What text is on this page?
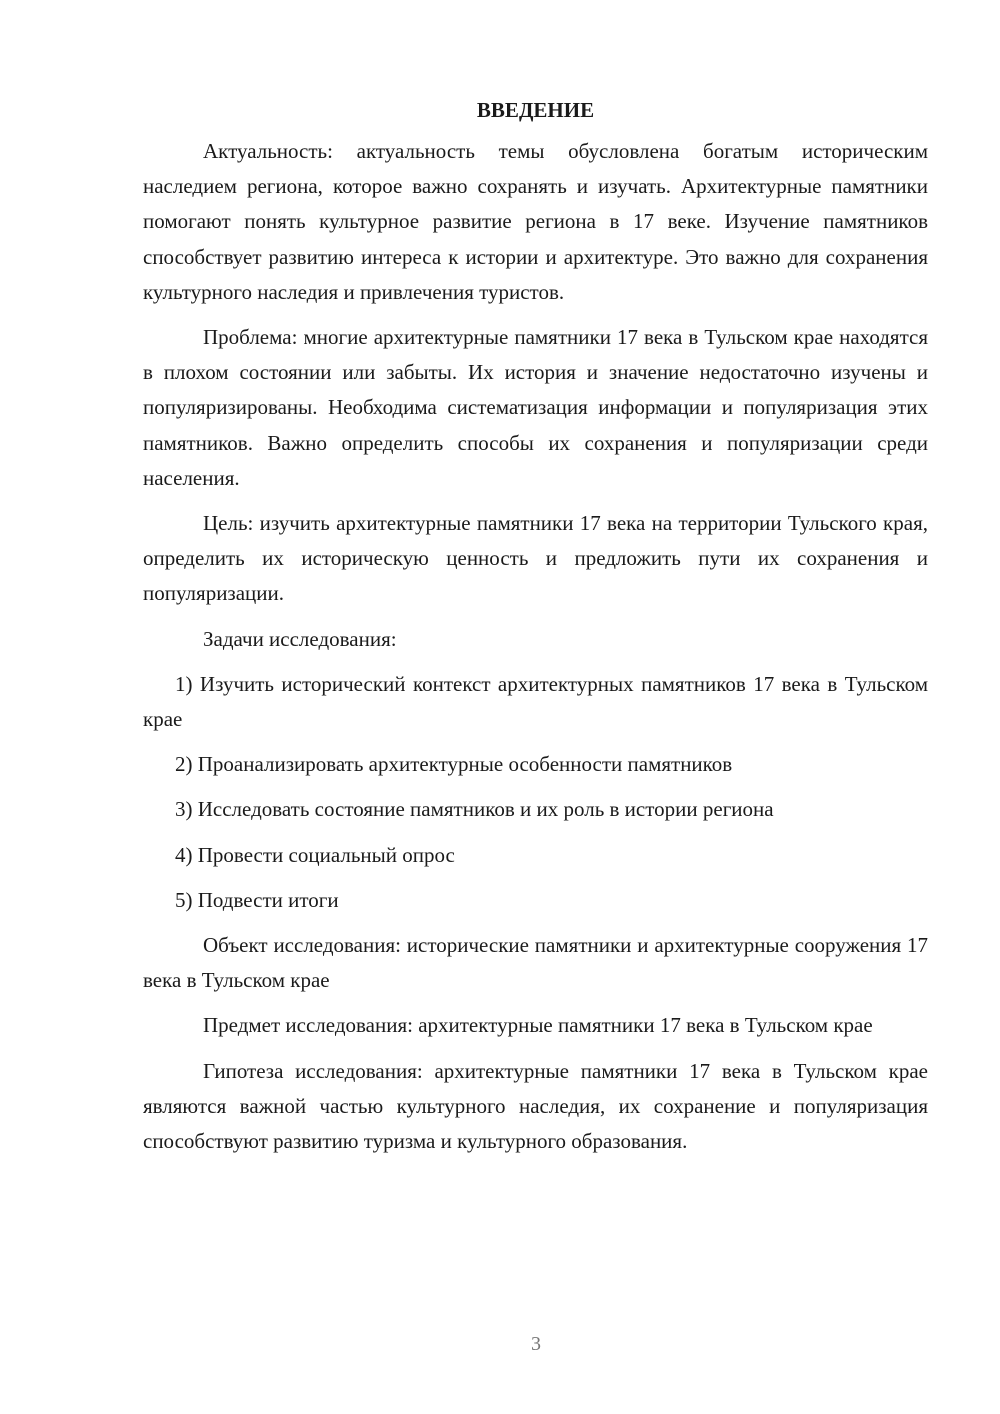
ВВЕДЕНИЕ

Актуальность: актуальность темы обусловлена богатым историческим наследием региона, которое важно сохранять и изучать. Архитектурные памятники помогают понять культурное развитие региона в 17 веке. Изучение памятников способствует развитию интереса к истории и архитектуре. Это важно для сохранения культурного наследия и привлечения туристов.

Проблема: многие архитектурные памятники 17 века в Тульском крае находятся в плохом состоянии или забыты. Их история и значение недостаточно изучены и популяризированы. Необходима систематизация информации и популяризация этих памятников. Важно определить способы их сохранения и популяризации среди населения.

Цель: изучить архитектурные памятники 17 века на территории Тульского края, определить их историческую ценность и предложить пути их сохранения и популяризации.

Задачи исследования:

1) Изучить исторический контекст архитектурных памятников 17 века в Тульском крае
2) Проанализировать архитектурные особенности памятников
3) Исследовать состояние памятников и их роль в истории региона
4) Провести социальный опрос
5) Подвести итоги

Объект исследования: исторические памятники и архитектурные сооружения 17 века в Тульском крае

Предмет исследования: архитектурные памятники 17 века в Тульском крае

Гипотеза исследования: архитектурные памятники 17 века в Тульском крае являются важной частью культурного наследия, их сохранение и популяризация способствуют развитию туризма и культурного образования.

3
